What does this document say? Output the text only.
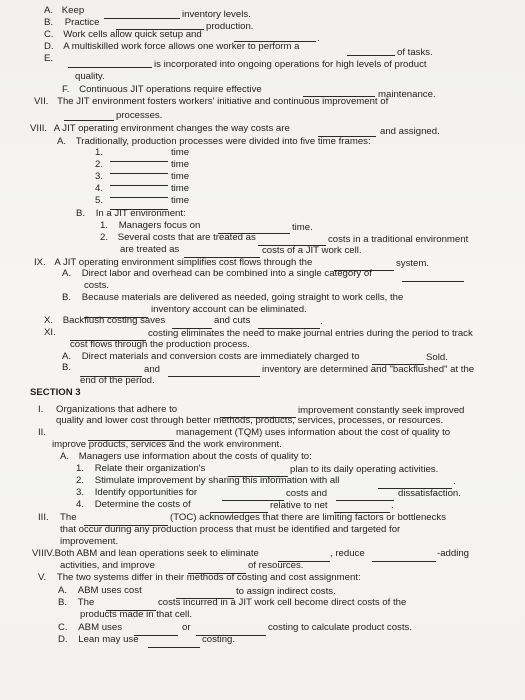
A. Keep	inventory levels.
B. Practice	production.
C. Work cells allow quick setup and	.
D. A multiskilled work force allows one worker to perform a
of tasks.
E.
is incorporated into ongoing operations for high levels of product
quality.
F. Continuous JIT operations require effective	maintenance.
VII. The JIT environment fosters workers' initiative and continuous improvement of
processes.
VIII. A JIT operating environment changes the way costs are	and assigned.
A. Traditionally, production processes were divided into five time frames:
1.	time
2.	time
3.	time
4.	time
5.	time
B. In a JIT environment:
1. Managers focus on	time.
2. Several costs that are treated as	costs in a traditional environment
are treated as	costs of a JIT work cell.
IX. A JIT operating environment simplifies cost flows through the	system.
A. Direct labor and overhead can be combined into a single category of
costs.
B. Because materials are delivered as needed, going straight to work cells, the
inventory account can be eliminated.
X. Backflush costing saves	and cuts	.
XI.	costing eliminates the need to make journal entries during the period to track
cost flows through the production process.
A. Direct materials and conversion costs are immediately charged to	Sold.
B.	and	inventory are determined and "backflushed" at the
end of the period.
SECTION 3
I. Organizations that adhere to	improvement constantly seek improved
quality and lower cost through better methods, products, services, processes, or resources.
II.	management (TQM) uses information about the cost of quality to
improve products, services and the work environment.
A. Managers use information about the costs of quality to:
1. Relate their organization's	plan to its daily operating activities.
2. Stimulate improvement by sharing this information with all	.
3. Identify opportunities for	costs and	dissatisfaction.
4. Determine the costs of	relative to net	.
III. The	(TOC) acknowledges that there are limiting factors or bottlenecks
that occur during any production process that must be identified and targeted for
improvement.
VIIIV.Both ABM and lean operations seek to eliminate	, reduce	-adding
activities, and improve	of resources.
V. The two systems differ in their methods of costing and cost assignment:
A. ABM uses cost	to assign indirect costs.
B. The	costs incurred in a JIT work cell become direct costs of the
products made in that cell.
C. ABM uses	or	costing to calculate product costs.
D. Lean may use	costing.
